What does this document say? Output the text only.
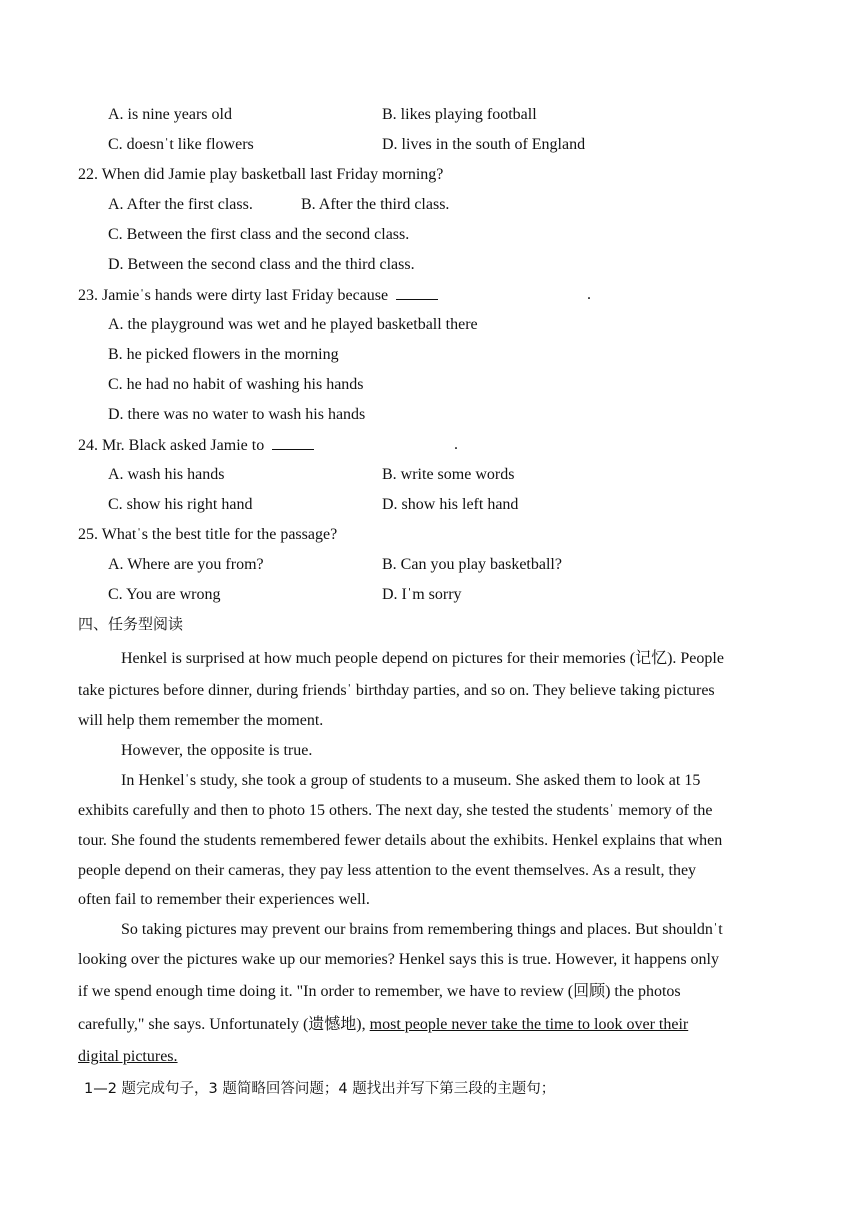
A. is nine years old	B. likes playing football
C. doesnˈt like flowers	D. lives in the south of England
22. When did Jamie play basketball last Friday morning?
A. After the first class.	B. After the third class.
C. Between the first class and the second class.
D. Between the second class and the third class.
23. Jamieˈs hands were dirty last Friday because	.
A. the playground was wet and he played basketball there
B. he picked flowers in the morning
C. he had no habit of washing his hands
D. there was no water to wash his hands
24. Mr. Black asked Jamie to	.
A. wash his hands	B. write some words
C. show his right hand	D. show his left hand
25. Whatˈs the best title for the passage?
A. Where are you from?	B. Can you play basketball?
C. You are wrong	D. Iˈm sorry
四、任务型阅读
Henkel is surprised at how much people depend on pictures for their memories (记忆). People
take pictures before dinner, during friendsˈ birthday parties, and so on. They believe taking pictures
will help them remember the moment.
However, the opposite is true.
In Henkelˈs study, she took a group of students to a museum. She asked them to look at 15
exhibits carefully and then to photo 15 others. The next day, she tested the studentsˈ memory of the
tour. She found the students remembered fewer details about the exhibits. Henkel explains that when
people depend on their cameras, they pay less attention to the event themselves. As a result, they
often fail to remember their experiences well.
So taking pictures may prevent our brains from remembering things and places. But shouldnˈt
looking over the pictures wake up our memories? Henkel says this is true. However, it happens only
if we spend enough time doing it. "In order to remember, we have to review (回顾) the photos
carefully," she says. Unfortunately (遗憾地), most people never take the time to look over their
digital pictures.
1—2 题完成句子，3 题简略回答问题；4 题找出并写下第三段的主题句；
